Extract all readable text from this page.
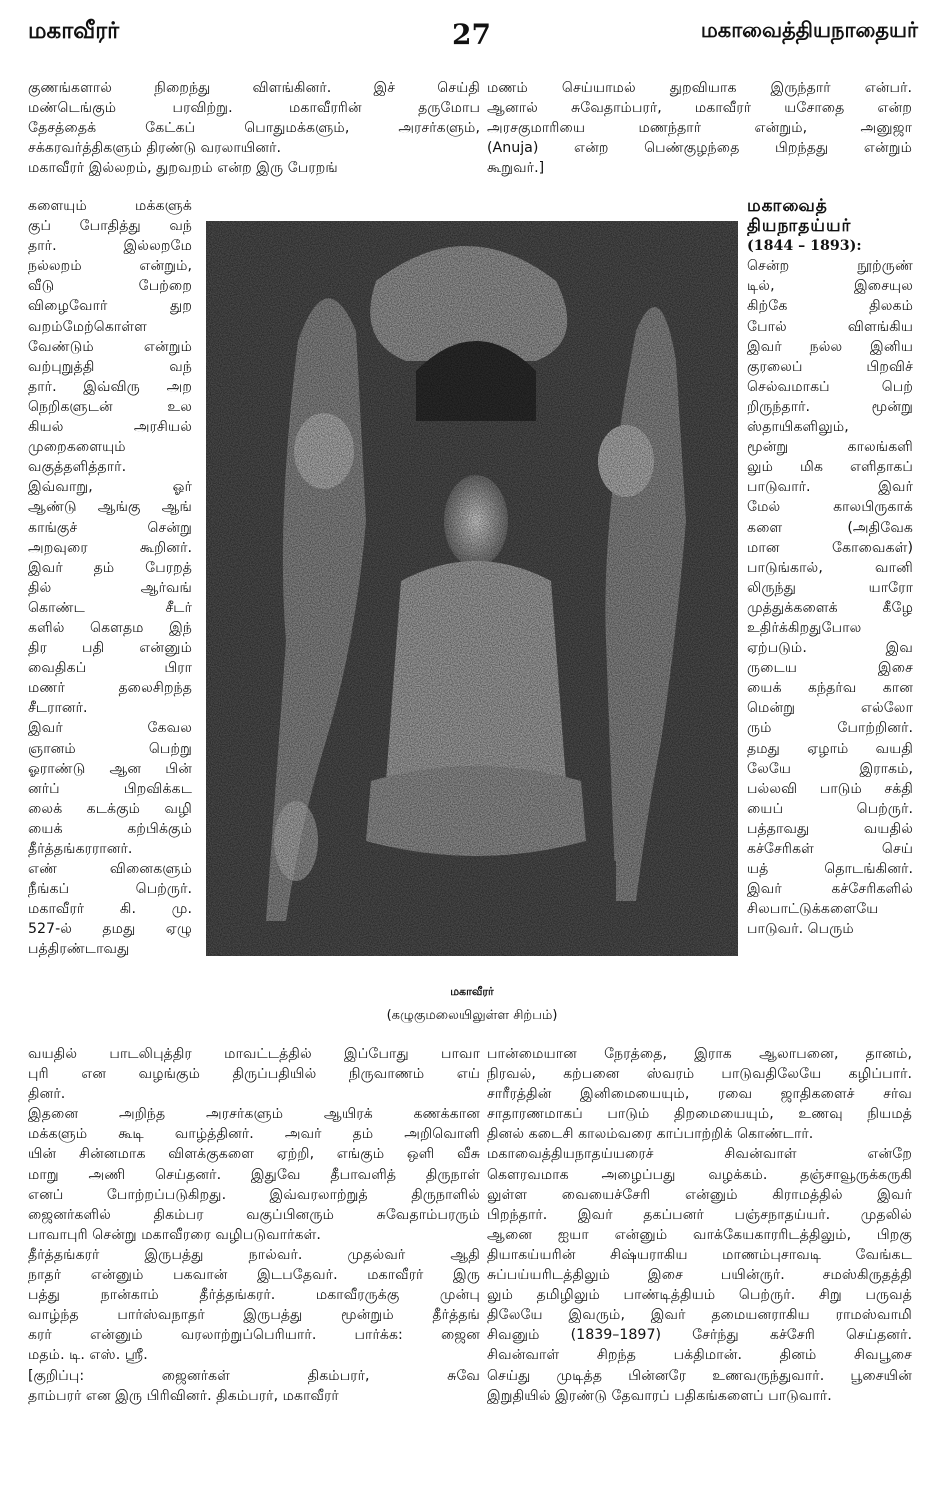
மகாவீரர்	27	மகாவைத்தியநாதையர்
குணங்களால் நிறைந்து விளங்கினர். இச் செய்தி
மண்டெங்கும் பரவிற்று. மகாவீரரின் தருமோப
தேசத்தைக் கேட்கப் பொதுமக்களும், அரசர்களும்,
சக்கரவர்த்திகளும் திரண்டு வரலாயினர்.
மகாவீரர் இல்லறம், துறவறம் என்ற இரு பேரறங்
களையும் மக்களுக்
குப் போதித்து வந்
தார். இல்லறமே
நல்லறம் என்றும்,
வீடு பேற்றை
விழைவோர் துற
வறம்மேற்கொள்ள
வேண்டும் என்றும்
வற்புறுத்தி வந்
தார். இவ்விரு அற
நெறிகளுடன் உல
கியல் அரசியல்
முறைகளையும்
வகுத்தளித்தார்.
இவ்வாறு, ஓர்
ஆண்டு ஆங்கு ஆங்
காங்குச் சென்று
அறவுரை கூறினர்.
இவர் தம் பேரறத்
தில் ஆர்வங்
கொண்ட சீடர்
களில் கௌதம இந்
திர பதி என்னும்
வைதிகப் பிரா
மணர் தலைசிறந்த
சீடரானர்.
இவர் கேவல
ஞானம் பெற்று
ஓராண்டு ஆன பின்
னர்ப் பிறவிக்கட
லைக் கடக்கும் வழி
யைக் கற்பிக்கும்
தீர்த்தங்கரரானர்.
எண் வினைகளும்
நீங்கப் பெற்ருர்.
மகாவீரர் கி. மு.
527-ல் தமது ஏழு
பத்திரண்டாவது
வயதில் பாடலிபுத்திர மாவட்டத்தில் இப்போது பாவா
புரி என வழங்கும் திருப்பதியில் நிருவாணம் எய்
தினர்.
இதனை அறிந்த அரசர்களும் ஆயிரக் கணக்கான
மக்களும் கூடி வாழ்த்தினர். அவர் தம் அறிவொளி
யின் சின்னமாக விளக்குகளை ஏற்றி, எங்கும் ஒளி வீசு
மாறு அணி செய்தனர். இதுவே தீபாவளித் திருநாள்
எனப் போற்றப்படுகிறது. இவ்வரலாற்றுத் திருநாளில்
ஜைனர்களில் திகம்பர வகுப்பினரும் சுவேதாம்பரரும்
பாவாபுரி சென்று மகாவீரரை வழிபடுவார்கள்.
தீர்த்தங்கரர் இருபத்து நால்வர். முதல்வர் ஆதி
நாதர் என்னும் பகவான் இடபதேவர். மகாவீரர் இரு
பத்து நான்காம் தீர்த்தங்கரர். மகாவீரருக்கு முன்பு
வாழ்ந்த பார்ஸ்வநாதர் இருபத்து மூன்றும் தீர்த்தங்
கரர் என்னும் வரலாற்றுப்பெரியார். பார்க்க: ஜைன
மதம். டி. எஸ். ஸ்ரீ.
[குறிப்பு: ஜைனர்கள் திகம்பரர், சுவே
தாம்பரர் என இரு பிரிவினர். திகம்பரர், மகாவீரர்
மணம் செய்யாமல் துறவியாக இருந்தார் என்பர்.
ஆனால் சுவேதாம்பரர், மகாவீரர் யசோதை என்ற
அரசகுமாரியை மணந்தார் என்றும், அனுஜா
(Anuja) என்ற பெண்குழந்தை பிறந்தது என்றும்
கூறுவர்.]
மகாவைத்
தியநாதய்யர்
(1844 – 1893):
சென்ற நூற்ருண்
டில், இசையுல
கிற்கே திலகம்
போல் விளங்கிய
இவர் நல்ல இனிய
குரலைப் பிறவிச்
செல்வமாகப் பெற்
றிருந்தார். மூன்று
ஸ்தாயிகளிலும்,
மூன்று காலங்களி
லும் மிக எளிதாகப்
பாடுவார். இவர்
மேல் காலபிருகாக்
களை (அதிவேக
மான கோவைகள்)
பாடுங்கால், வானி
லிருந்து யாரோ
முத்துக்களைக் கீழே
உதிர்க்கிறதுபோல
ஏற்படும். இவ
ருடைய இசை
யைக் கந்தர்வ கான
மென்று எல்லோ
ரும் போற்றினர்.
தமது ஏழாம் வயதி
லேயே இராகம்,
பல்லவி பாடும் சக்தி
யைப் பெற்ருர்.
பத்தாவது வயதில்
கச்சேரிகள் செய்
யத் தொடங்கினர்.
இவர் கச்சேரிகளில்
சிலபாட்டுக்களையே
பாடுவர். பெரும்
பான்மையான நேரத்தை, இராக ஆலாபனை, தானம்,
நிரவல், கற்பனை ஸ்வரம் பாடுவதிலேயே கழிப்பார்.
சாரீரத்தின் இனிமையையும், ரவை ஜாதிகளைச் சர்வ
சாதாரணமாகப் பாடும் திறமையையும், உணவு நியமத்
தினல் கடைசி காலம்வரை காப்பாற்றிக் கொண்டார்.
மகாவைத்தியநாதய்யரைச் சிவன்வாள் என்றே
கௌரவமாக அழைப்பது வழக்கம். தஞ்சாவூருக்கருகி
லுள்ள வையைச்சேரி என்னும் கிராமத்தில் இவர்
பிறந்தார். இவர் தகப்பனர் பஞ்சநாதய்யர். முதலில்
ஆனை ஐயா என்னும் வாக்கேயகாரரிடத்திலும், பிறகு
தியாகய்யரின் சிஷ்யராகிய மாணம்புசாவடி வேங்கட
சுப்பய்யரிடத்திலும் இசை பயின்ருர். சமஸ்கிருதத்தி
லும் தமிழிலும் பாண்டித்தியம் பெற்ருர். சிறு பருவத்
திலேயே இவரும், இவர் தமையனராகிய ராமஸ்வாமி
சிவனும் (1839–1897) சேர்ந்து கச்சேரி செய்தனர்.
சிவன்வாள் சிறந்த பக்திமான். தினம் சிவபூசை
செய்து முடித்த பின்னரே உணவருந்துவார். பூசையின்
இறுதியில் இரண்டு தேவாரப் பதிகங்களைப் பாடுவார்.
மகாவீரர்
(கழுகுமலையிலுள்ள சிற்பம்)
